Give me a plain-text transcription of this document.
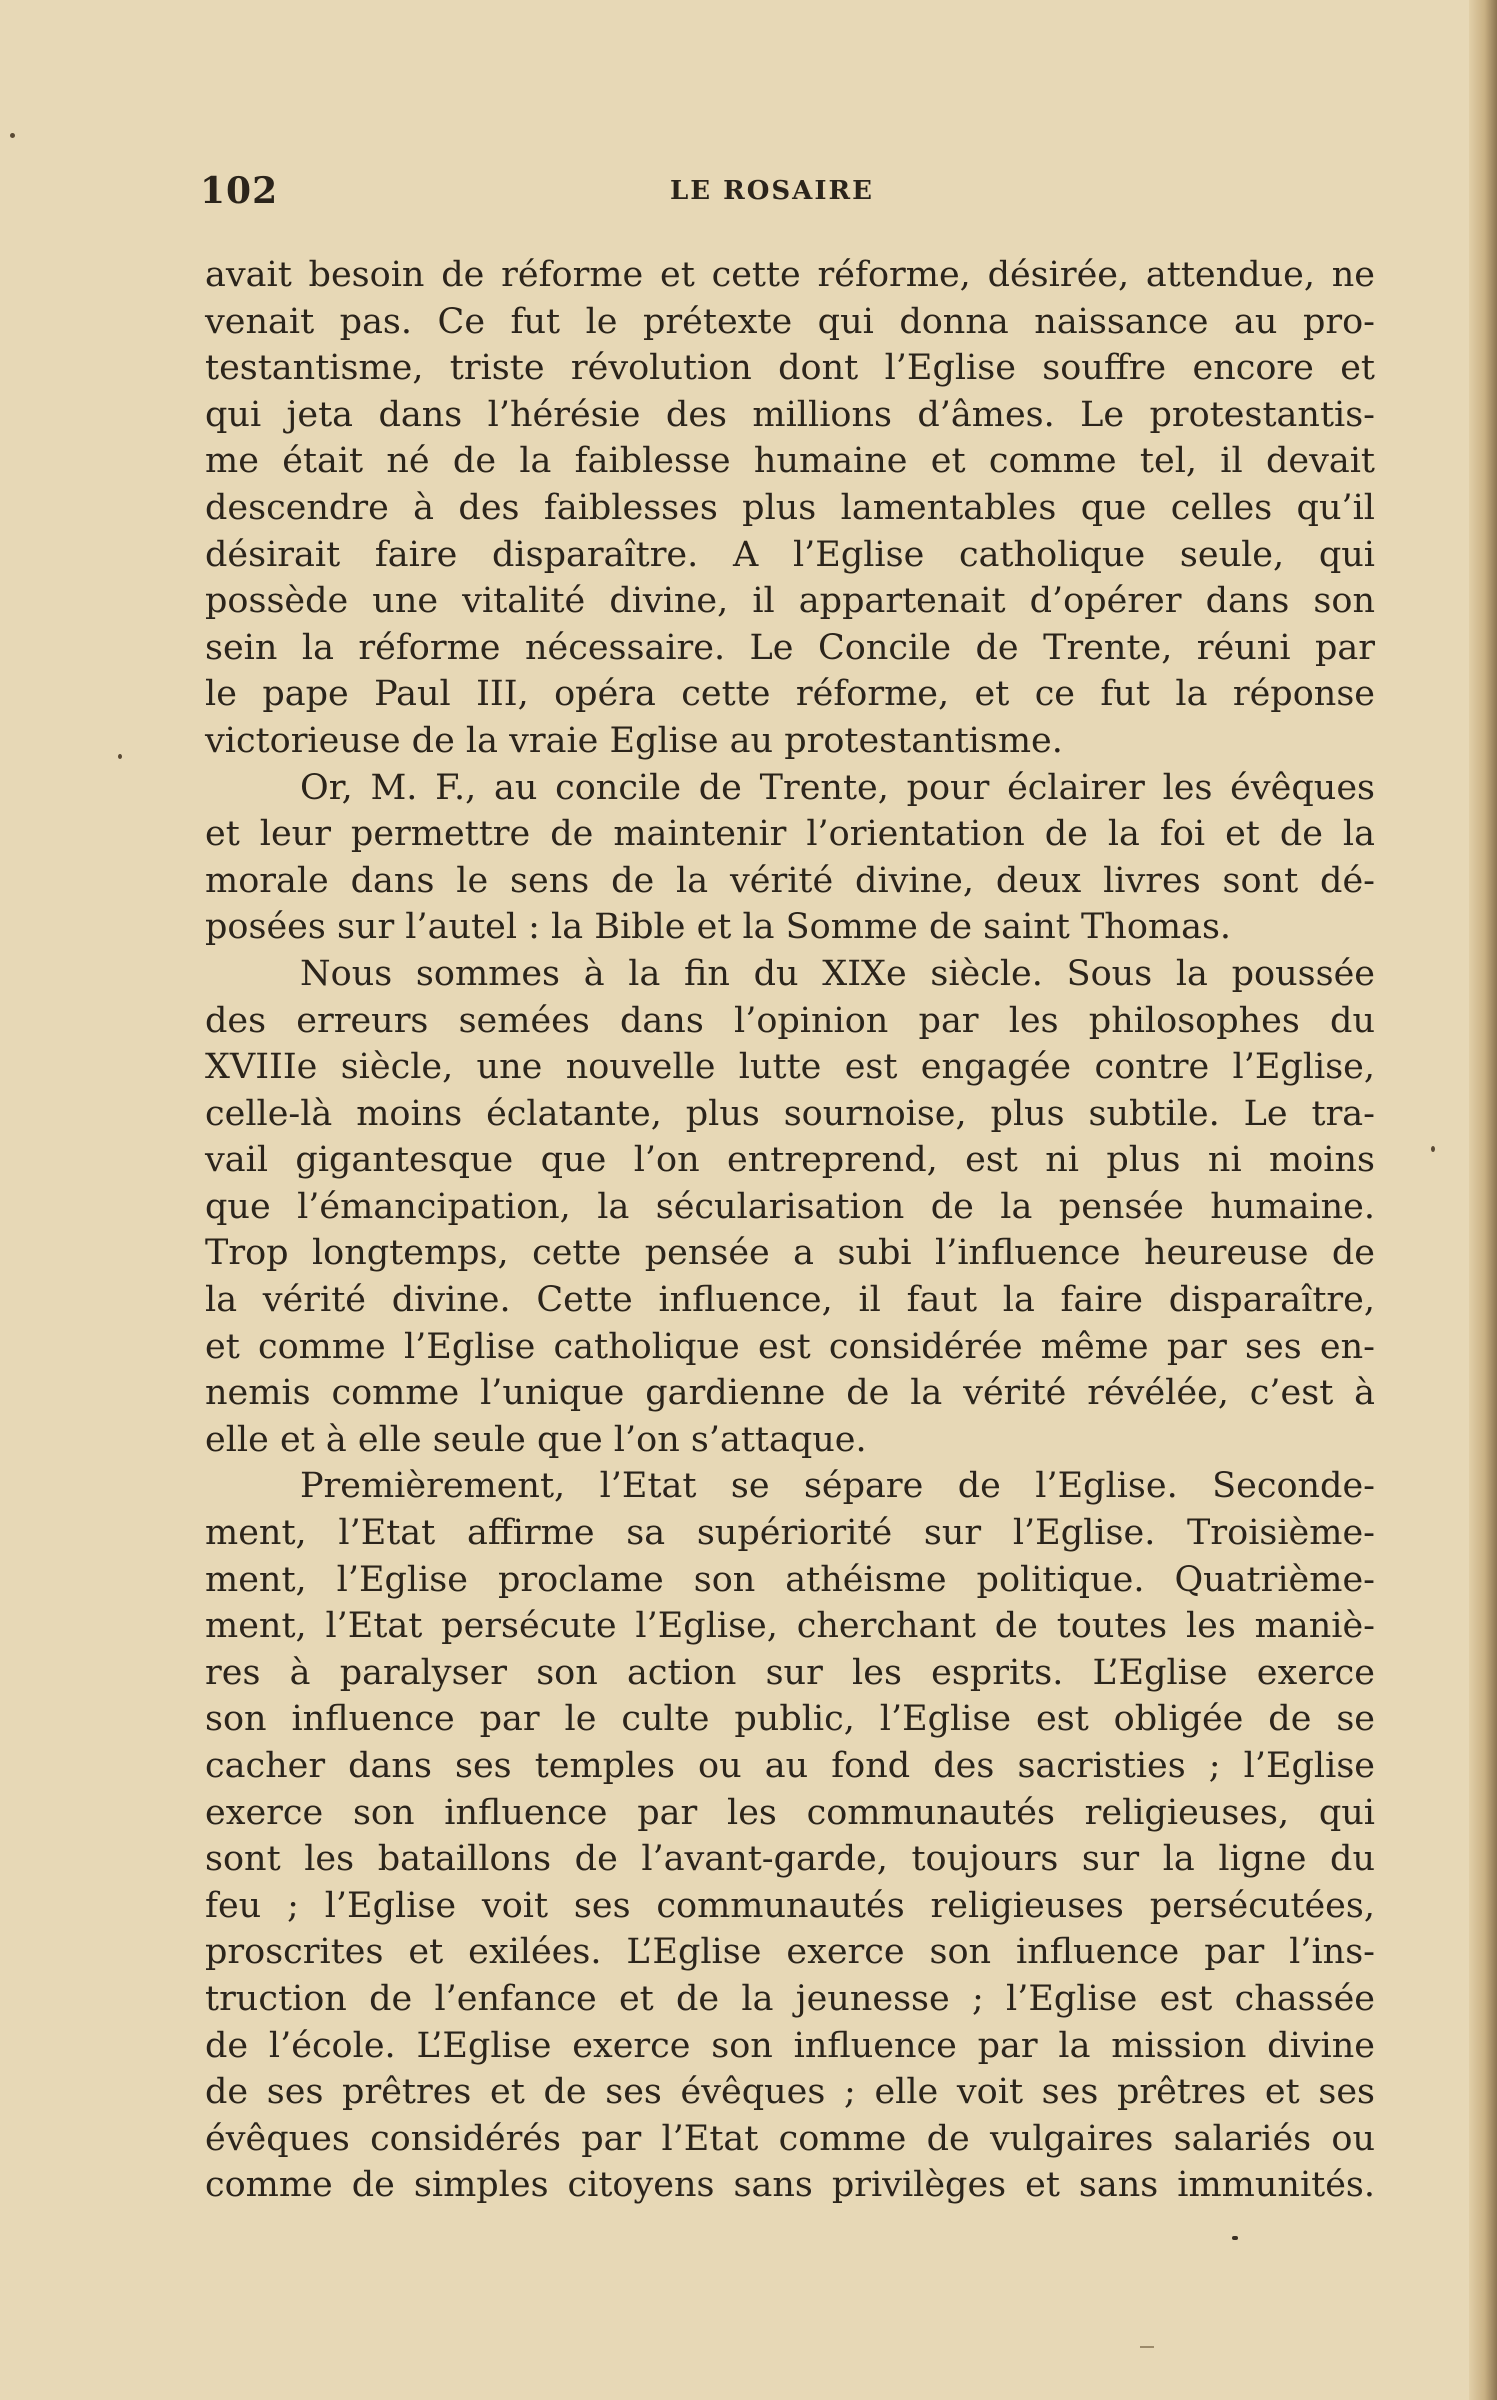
102	LE ROSAIRE
avait besoin de réforme et cette réforme, désirée, attendue, ne
venait pas. Ce fut le prétexte qui donna naissance au pro-
testantisme, triste révolution dont l’Eglise souffre encore et
qui jeta dans l’hérésie des millions d’âmes. Le protestantis-
me était né de la faiblesse humaine et comme tel, il devait
descendre à des faiblesses plus lamentables que celles qu’il
désirait faire disparaître. A l’Eglise catholique seule, qui
possède une vitalité divine, il appartenait d’opérer dans son
sein la réforme nécessaire. Le Concile de Trente, réuni par
le pape Paul III, opéra cette réforme, et ce fut la réponse
victorieuse de la vraie Eglise au protestantisme.
Or, M. F., au concile de Trente, pour éclairer les évêques
et leur permettre de maintenir l’orientation de la foi et de la
morale dans le sens de la vérité divine, deux livres sont dé-
posées sur l’autel : la Bible et la Somme de saint Thomas.
Nous sommes à la fin du XIXe siècle. Sous la poussée
des erreurs semées dans l’opinion par les philosophes du
XVIIIe siècle, une nouvelle lutte est engagée contre l’Eglise,
celle-là moins éclatante, plus sournoise, plus subtile. Le tra-
vail gigantesque que l’on entreprend, est ni plus ni moins
que l’émancipation, la sécularisation de la pensée humaine.
Trop longtemps, cette pensée a subi l’influence heureuse de
la vérité divine. Cette influence, il faut la faire disparaître,
et comme l’Eglise catholique est considérée même par ses en-
nemis comme l’unique gardienne de la vérité révélée, c’est à
elle et à elle seule que l’on s’attaque.
Premièrement, l’Etat se sépare de l’Eglise. Seconde-
ment, l’Etat affirme sa supériorité sur l’Eglise. Troisième-
ment, l’Eglise proclame son athéisme politique. Quatrième-
ment, l’Etat persécute l’Eglise, cherchant de toutes les maniè-
res à paralyser son action sur les esprits. L’Eglise exerce
son influence par le culte public, l’Eglise est obligée de se
cacher dans ses temples ou au fond des sacristies ; l’Eglise
exerce son influence par les communautés religieuses, qui
sont les bataillons de l’avant-garde, toujours sur la ligne du
feu ; l’Eglise voit ses communautés religieuses persécutées,
proscrites et exilées. L’Eglise exerce son influence par l’ins-
truction de l’enfance et de la jeunesse ; l’Eglise est chassée
de l’école. L’Eglise exerce son influence par la mission divine
de ses prêtres et de ses évêques ; elle voit ses prêtres et ses
évêques considérés par l’Etat comme de vulgaires salariés ou
comme de simples citoyens sans privilèges et sans immunités.
